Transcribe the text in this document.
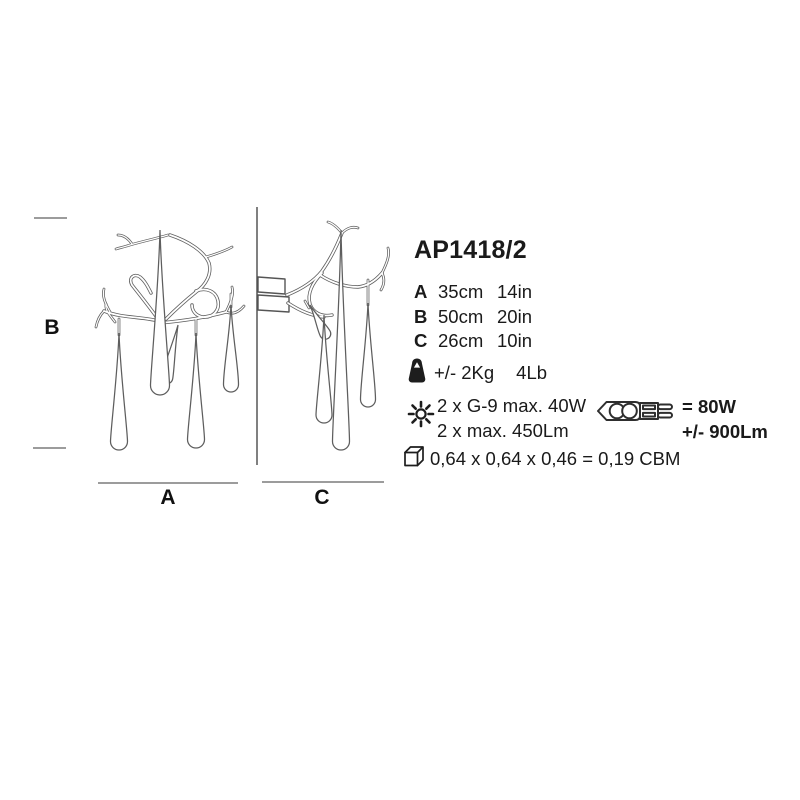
B
A	C
AP1418/2
A 35cm 14in
B 50cm 20in
C 26cm 10in
+/- 2Kg 4Lb
2 x G-9 max. 40W
2 x max. 450Lm
= 80W
+/- 900Lm
0,64 x 0,64 x 0,46 = 0,19 CBM
